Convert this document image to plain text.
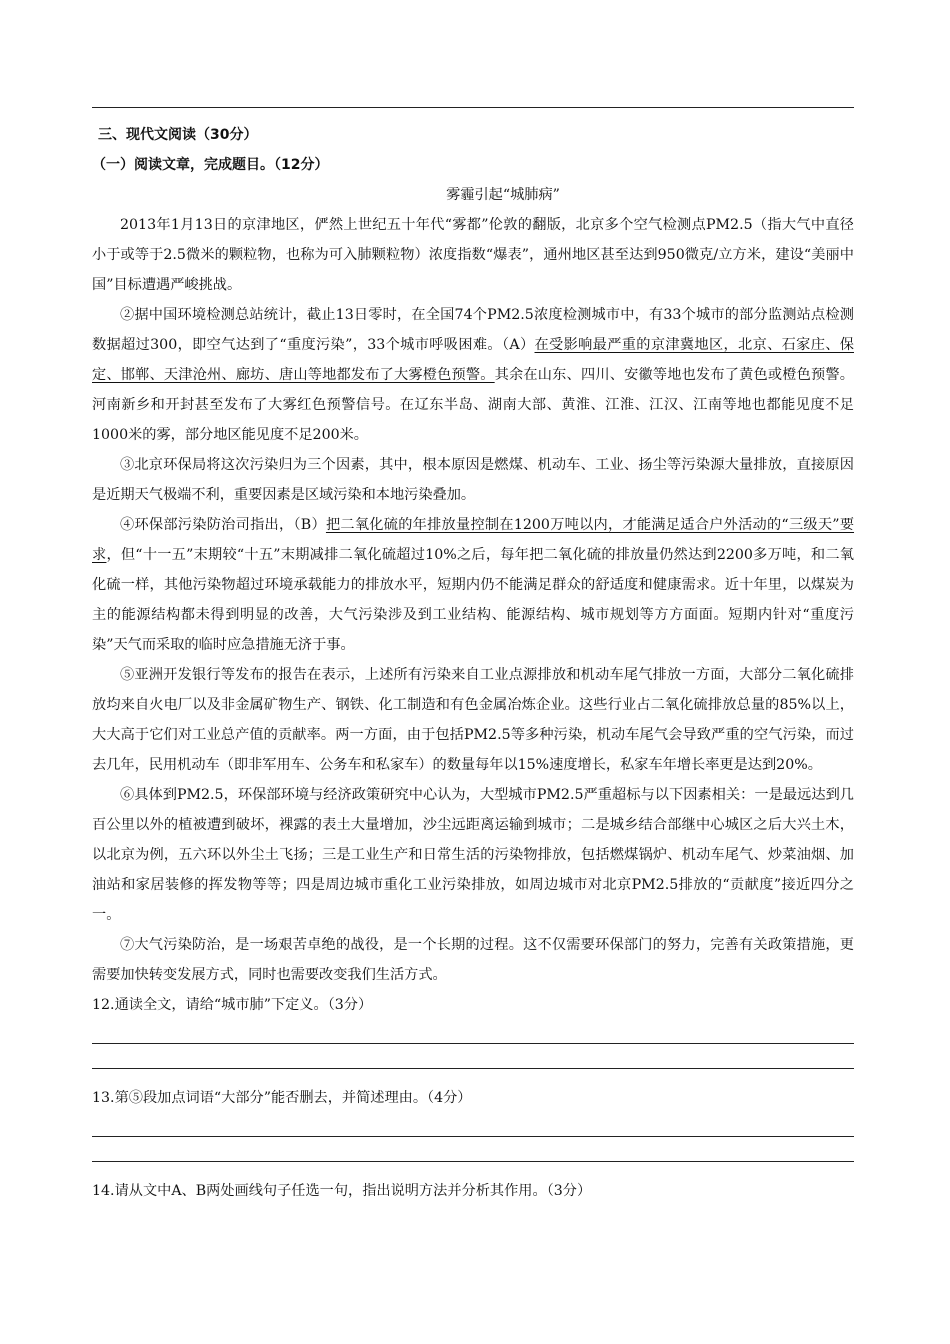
三、现代文阅读（30分）

（一）阅读文章，完成题目。（12分）

雾霾引起“城肺病”

2013年1月13日的京津地区，俨然上世纪五十年代“雾都”伦敦的翻版，北京多个空气检测点PM2.5（指大气中直径小于或等于2.5微米的颗粒物，也称为可入肺颗粒物）浓度指数“爆表”，通州地区甚至达到950微克/立方米，建设“美丽中国”目标遭遇严峻挑战。

②据中国环境检测总站统计，截止13日零时，在全国74个PM2.5浓度检测城市中，有33个城市的部分监测站点检测数据超过300，即空气达到了“重度污染”，33个城市呼吸困难。（A）在受影响最严重的京津冀地区，北京、石家庄、保定、邯郸、天津沧州、廊坊、唐山等地都发布了大雾橙色预警。其余在山东、四川、安徽等地也发布了黄色或橙色预警。河南新乡和开封甚至发布了大雾红色预警信号。在辽东半岛、湖南大部、黄淮、江淮、江汉、江南等地也都能见度不足1000米的雾，部分地区能见度不足200米。

③北京环保局将这次污染归为三个因素，其中，根本原因是燃煤、机动车、工业、扬尘等污染源大量排放，直接原因是近期天气极端不利，重要因素是区域污染和本地污染叠加。

④环保部污染防治司指出，（B）把二氧化硫的年排放量控制在1200万吨以内，才能满足适合户外活动的“三级天”要求，但“十一五”末期较“十五”末期减排二氧化硫超过10%之后，每年把二氧化硫的排放量仍然达到2200多万吨，和二氧化硫一样，其他污染物超过环境承载能力的排放水平，短期内仍不能满足群众的舒适度和健康需求。近十年里，以煤炭为主的能源结构都未得到明显的改善，大气污染涉及到工业结构、能源结构、城市规划等方方面面。短期内针对“重度污染”天气而采取的临时应急措施无济于事。

⑤亚洲开发银行等发布的报告在表示，上述所有污染来自工业点源排放和机动车尾气排放一方面，大部分二氧化硫排放均来自火电厂以及非金属矿物生产、钢铁、化工制造和有色金属冶炼企业。这些行业占二氧化硫排放总量的85%以上，大大高于它们对工业总产值的贡献率。两一方面，由于包括PM2.5等多种污染，机动车尾气会导致严重的空气污染，而过去几年，民用机动车（即非军用车、公务车和私家车）的数量每年以15%速度增长，私家车年增长率更是达到20%。

⑥具体到PM2.5，环保部环境与经济政策研究中心认为，大型城市PM2.5严重超标与以下因素相关：一是最远达到几百公里以外的植被遭到破坏，裸露的表土大量增加，沙尘远距离运输到城市；二是城乡结合部继中心城区之后大兴土木，以北京为例，五六环以外尘土飞扬；三是工业生产和日常生活的污染物排放，包括燃煤锅炉、机动车尾气、炒菜油烟、加油站和家居装修的挥发物等等；四是周边城市重化工业污染排放，如周边城市对北京PM2.5排放的“贡献度”接近四分之一。

⑦大气污染防治，是一场艰苦卓绝的战役，是一个长期的过程。这不仅需要环保部门的努力，完善有关政策措施，更需要加快转变发展方式，同时也需要改变我们生活方式。

12.通读全文，请给“城市肺”下定义。（3分）

13.第⑤段加点词语“大部分”能否删去，并简述理由。（4分）

14.请从文中A、B两处画线句子任选一句，指出说明方法并分析其作用。（3分）
